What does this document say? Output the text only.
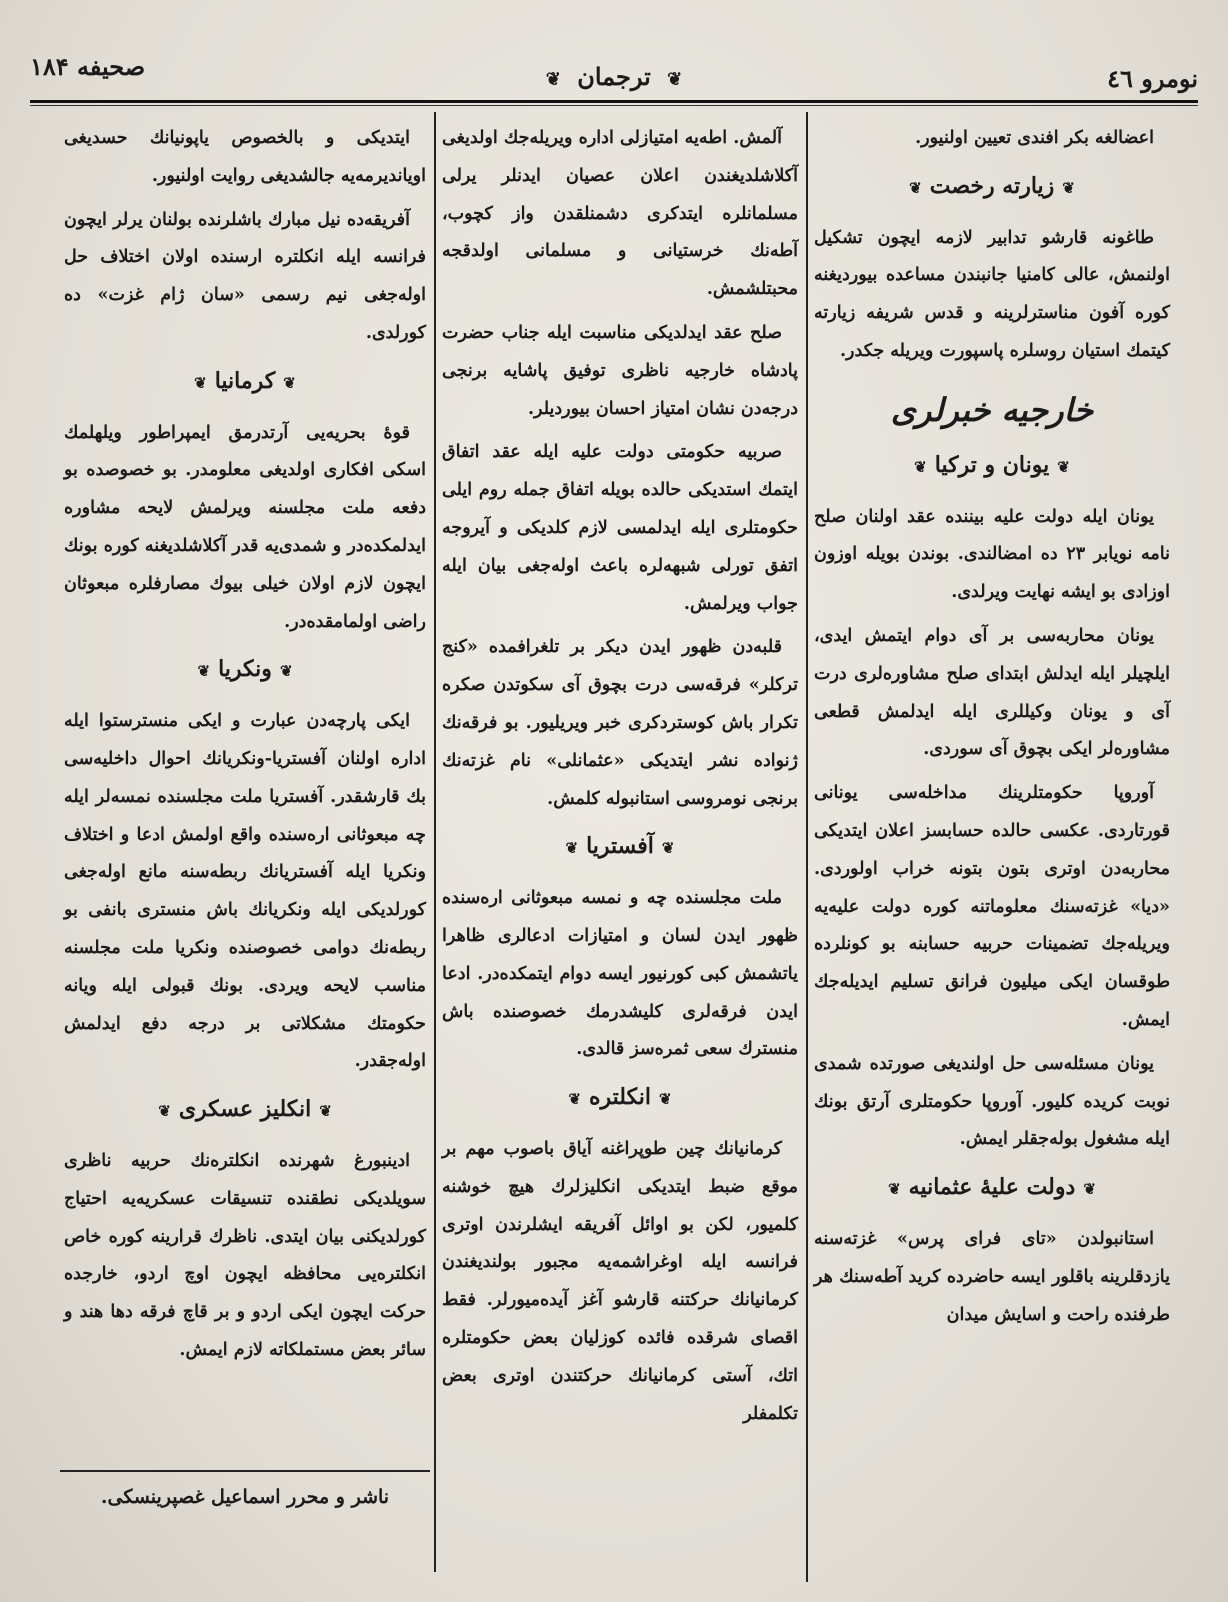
نومرو ٤٦
❦ ترجمان ❦
صحیفه ۱۸۴

اعضالغه بکر افندی تعیین اولنیور.

❦زیارته رخصت❦

طاغونه قارشو تدابیر لازمه ایچون تشکیل اولنمش، عالی کامنیا جانبندن مساعده بیوردیغنه کوره آفون مناسترلرینه و قدس شریفه زیارته کیتمك استیان روسلره پاسپورت ویریله جکدر.

خارجیه خبرلری
❦یونان و ترکیا❦

یونان ایله دولت علیه بیننده عقد اولنان صلح نامه نویابر ۲۳ ده امضالندی. بوندن بویله اوزون اوزادی بو ایشه نهایت ویرلدی.

یونان محاربه‌سی بر آی دوام ایتمش ایدی، ایلچیلر ایله ایدلش ابتدای صلح مشاوره‌لری درت آی و یونان وکیللری ایله ایدلمش قطعی مشاوره‌لر ایکی بچوق آی سوردی.

آوروپا حکومتلرینك مداخله‌سی یونانی قورتاردی. عکسی حالده حسابسز اعلان ایتدیکی محاربه‌دن اوتری بتون بتونه خراب اولوردی. «دیا» غزته‌سنك معلوماتنه کوره دولت علیه‌یه ویریله‌جك تضمینات حربیه حسابنه بو کونلرده طوقسان ایکی میلیون فرانق تسلیم ایدیله‌جك ایمش.

یونان مسئله‌سی حل اولندیغی صورتده شمدی نوبت کریده کلیور. آوروپا حکومتلری آرتق بونك ایله مشغول بوله‌جقلر ایمش.

❦دولت علیهٔ عثمانیه❦

استانبولدن «تای فرای پرس» غزته‌سنه یازدقلرینه باقلور ایسه حاضرده کرید آطه‌سنك هر طرفنده راحت و اسایش میدان

آلمش. اطه‌یه امتیازلی اداره ویریله‌جك اولدیغی آکلاشلدیغندن اعلان عصیان ایدنلر یرلی مسلمانلره ایتدکری دشمنلقدن واز کچوب، آطه‌نك خرستیانی و مسلمانی اولدقجه محبتلشمش.

صلح عقد ایدلدیکی مناسبت ایله جناب حضرت پادشاه خارجیه ناظری توفیق پاشایه برنجی درجه‌دن نشان امتیاز احسان بیوردیلر.

صربیه حکومتی دولت علیه ایله عقد اتفاق ایتمك استدیکی حالده بویله اتفاق جمله روم ایلی حکومتلری ایله ایدلمسی لازم کلدیکی و آیروجه اتفق تورلی شبهه‌لره باعث اوله‌جغی بیان ایله جواب ویرلمش.

قلبه‌دن ظهور ایدن دیکر بر تلغرافمده «کنج ترکلر» فرقه‌سی درت بچوق آی سکوتدن صکره تکرار باش کوستردکری خبر ویریلیور. بو فرقه‌نك ژنواده نشر ایتدیکی «عثمانلی» نام غزته‌نك برنجی نومروسی استانبوله کلمش.

❦آفستریا❦

ملت مجلسنده چه و نمسه مبعوثانی اره‌سنده ظهور ایدن لسان و امتیازات ادعالری ظاهرا یاتشمش کبی کورنیور ایسه دوام ایتمکده‌در. ادعا ایدن فرقه‌لری کلیشدرمك خصوصنده باش منسترك سعی ثمره‌سز قالدی.

❦انکلتره❦

کرمانیانك چین طوپراغنه آیاق باصوب مهم بر موقع ضبط ایتدیکی انکلیزلرك هیچ خوشنه کلمیور، لکن بو اوائل آفریقه ایشلرندن اوتری فرانسه ایله اوغراشمه‌یه مجبور بولندیغندن کرمانیانك حرکتنه قارشو آغز آیده‌میورلر. فقط اقصای شرقده فائده کوزلیان بعض حکومتلره اتك، آستی کرمانیانك حرکتندن اوتری بعض تکلمفلر

ایتدیکی و بالخصوص یاپونیانك حسدیغی اویاندیرمه‌یه جالشدیغی روایت اولنیور.

آفریقه‌ده نیل مبارك باشلرنده بولنان یرلر ایچون فرانسه ایله انکلتره ارسنده اولان اختلاف حل اوله‌جغی نیم رسمی «سان ژام غزت» ده کورلدی.

❦کرمانیا❦

قوهٔ بحریه‌یی آرتدرمق ایمپراطور ویلهلمك اسکی افکاری اولدیغی معلومدر. بو خصوصده بو دفعه ملت مجلسنه ویرلمش لایحه مشاوره ایدلمکده‌در و شمدی‌یه قدر آکلاشلدیغنه کوره بونك ایچون لازم اولان خیلی بیوك مصارفلره مبعوثان راضی اولمامقده‌در.

❦ونکریا❦

ایکی پارچه‌دن عبارت و ایکی منسترستوا ایله اداره اولنان آفستریا-ونکریانك احوال داخلیه‌سی بك قارشقدر. آفستریا ملت مجلسنده نمسه‌لر ایله چه مبعوثانی اره‌سنده واقع اولمش ادعا و اختلاف ونکریا ایله آفستریانك ربطه‌سنه مانع اوله‌جغی کورلدیکی ایله ونکریانك باش منستری بانفی بو ربطه‌نك دوامی خصوصنده ونکریا ملت مجلسنه مناسب لایحه ویردی. بونك قبولی ایله ویانه حکومتك مشکلاتی بر درجه دفع ایدلمش اوله‌جقدر.

❦انکلیز عسکری❦

ادینبورغ شهرنده انکلتره‌نك حربیه ناظری سویلدیکی نطقنده تنسیقات عسکریه‌یه احتیاج کورلدیکنی بیان ایتدی. ناظرك قرارینه کوره خاص انکلتره‌یی محافظه ایچون اوچ اردو، خارجده حرکت ایچون ایکی اردو و بر قاچ فرقه دها هند و سائر بعض مستملکاته لازم ایمش.

ناشر و محرر اسماعیل غصپرینسکی.
